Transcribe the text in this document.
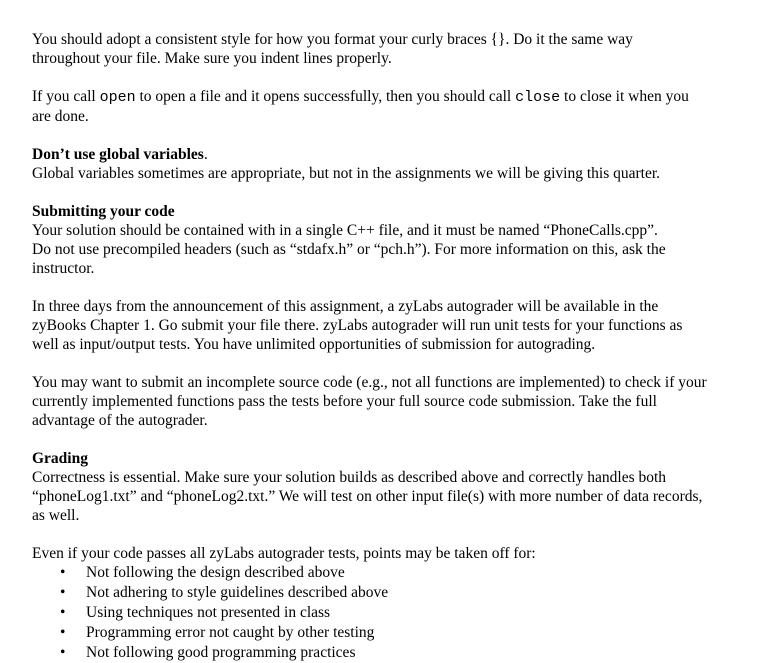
You should adopt a consistent style for how you format your curly braces {}. Do it the same way

throughout your file. Make sure you indent lines properly.

If you call open to open a file and it opens successfully, then you should call close to close it when you

are done.

Don’t use global variables.

Global variables sometimes are appropriate, but not in the assignments we will be giving this quarter.

Submitting your code

Your solution should be contained with in a single C++ file, and it must be named “PhoneCalls.cpp”.

Do not use precompiled headers (such as “stdafx.h” or “pch.h”). For more information on this, ask the

instructor.

In three days from the announcement of this assignment, a zyLabs autograder will be available in the

zyBooks Chapter 1. Go submit your file there. zyLabs autograder will run unit tests for your functions as

well as input/output tests. You have unlimited opportunities of submission for autograding.

You may want to submit an incomplete source code (e.g., not all functions are implemented) to check if your

currently implemented functions pass the tests before your full source code submission. Take the full

advantage of the autograder.

Grading

Correctness is essential. Make sure your solution builds as described above and correctly handles both

“phoneLog1.txt” and “phoneLog2.txt.” We will test on other input file(s) with more number of data records,

as well.

Even if your code passes all zyLabs autograder tests, points may be taken off for:

• Not following the design described above
• Not adhering to style guidelines described above
• Using techniques not presented in class
• Programming error not caught by other testing
• Not following good programming practices
